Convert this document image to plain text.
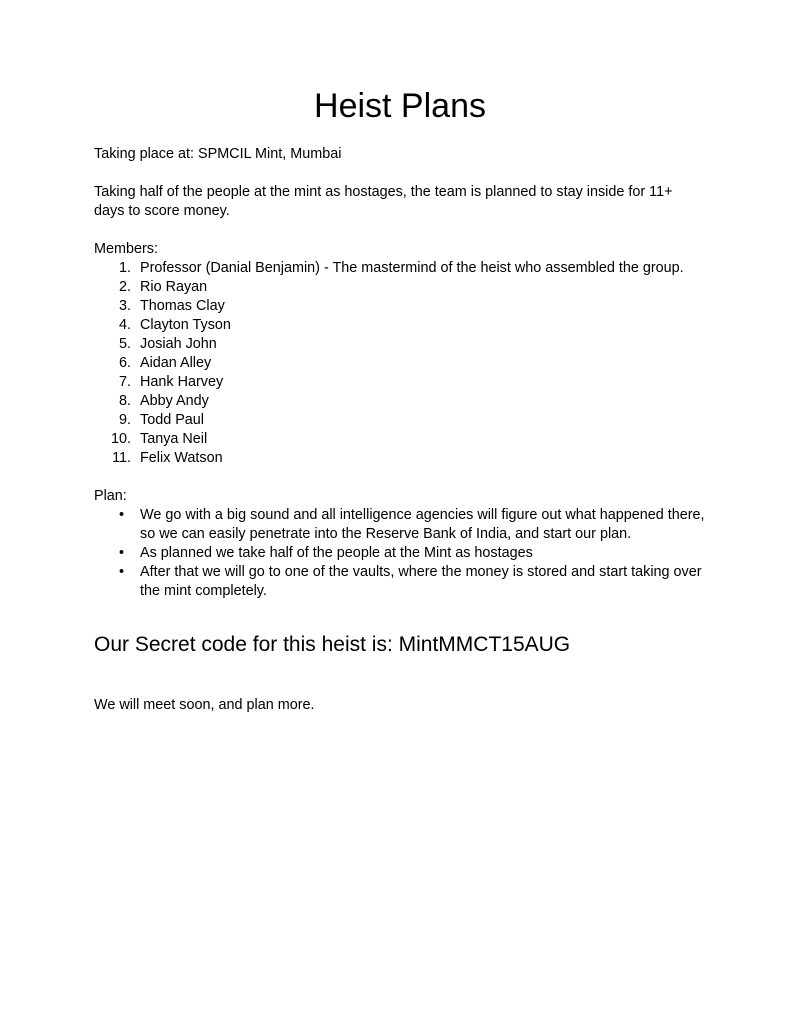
Heist Plans

Taking place at: SPMCIL Mint, Mumbai

Taking half of the people at the mint as hostages, the team is planned to stay inside for 11+ days to score money.

Members:

1. Professor (Danial Benjamin) - The mastermind of the heist who assembled the group.
2. Rio Rayan
3. Thomas Clay
4. Clayton Tyson
5. Josiah John
6. Aidan Alley
7. Hank Harvey
8. Abby Andy
9. Todd Paul
10. Tanya Neil
11. Felix Watson

Plan:

• We go with a big sound and all intelligence agencies will figure out what happened there, so we can easily penetrate into the Reserve Bank of India, and start our plan.
• As planned we take half of the people at the Mint as hostages
• After that we will go to one of the vaults, where the money is stored and start taking over the mint completely.
Our Secret code for this heist is: MintMMCT15AUG

We will meet soon, and plan more.
